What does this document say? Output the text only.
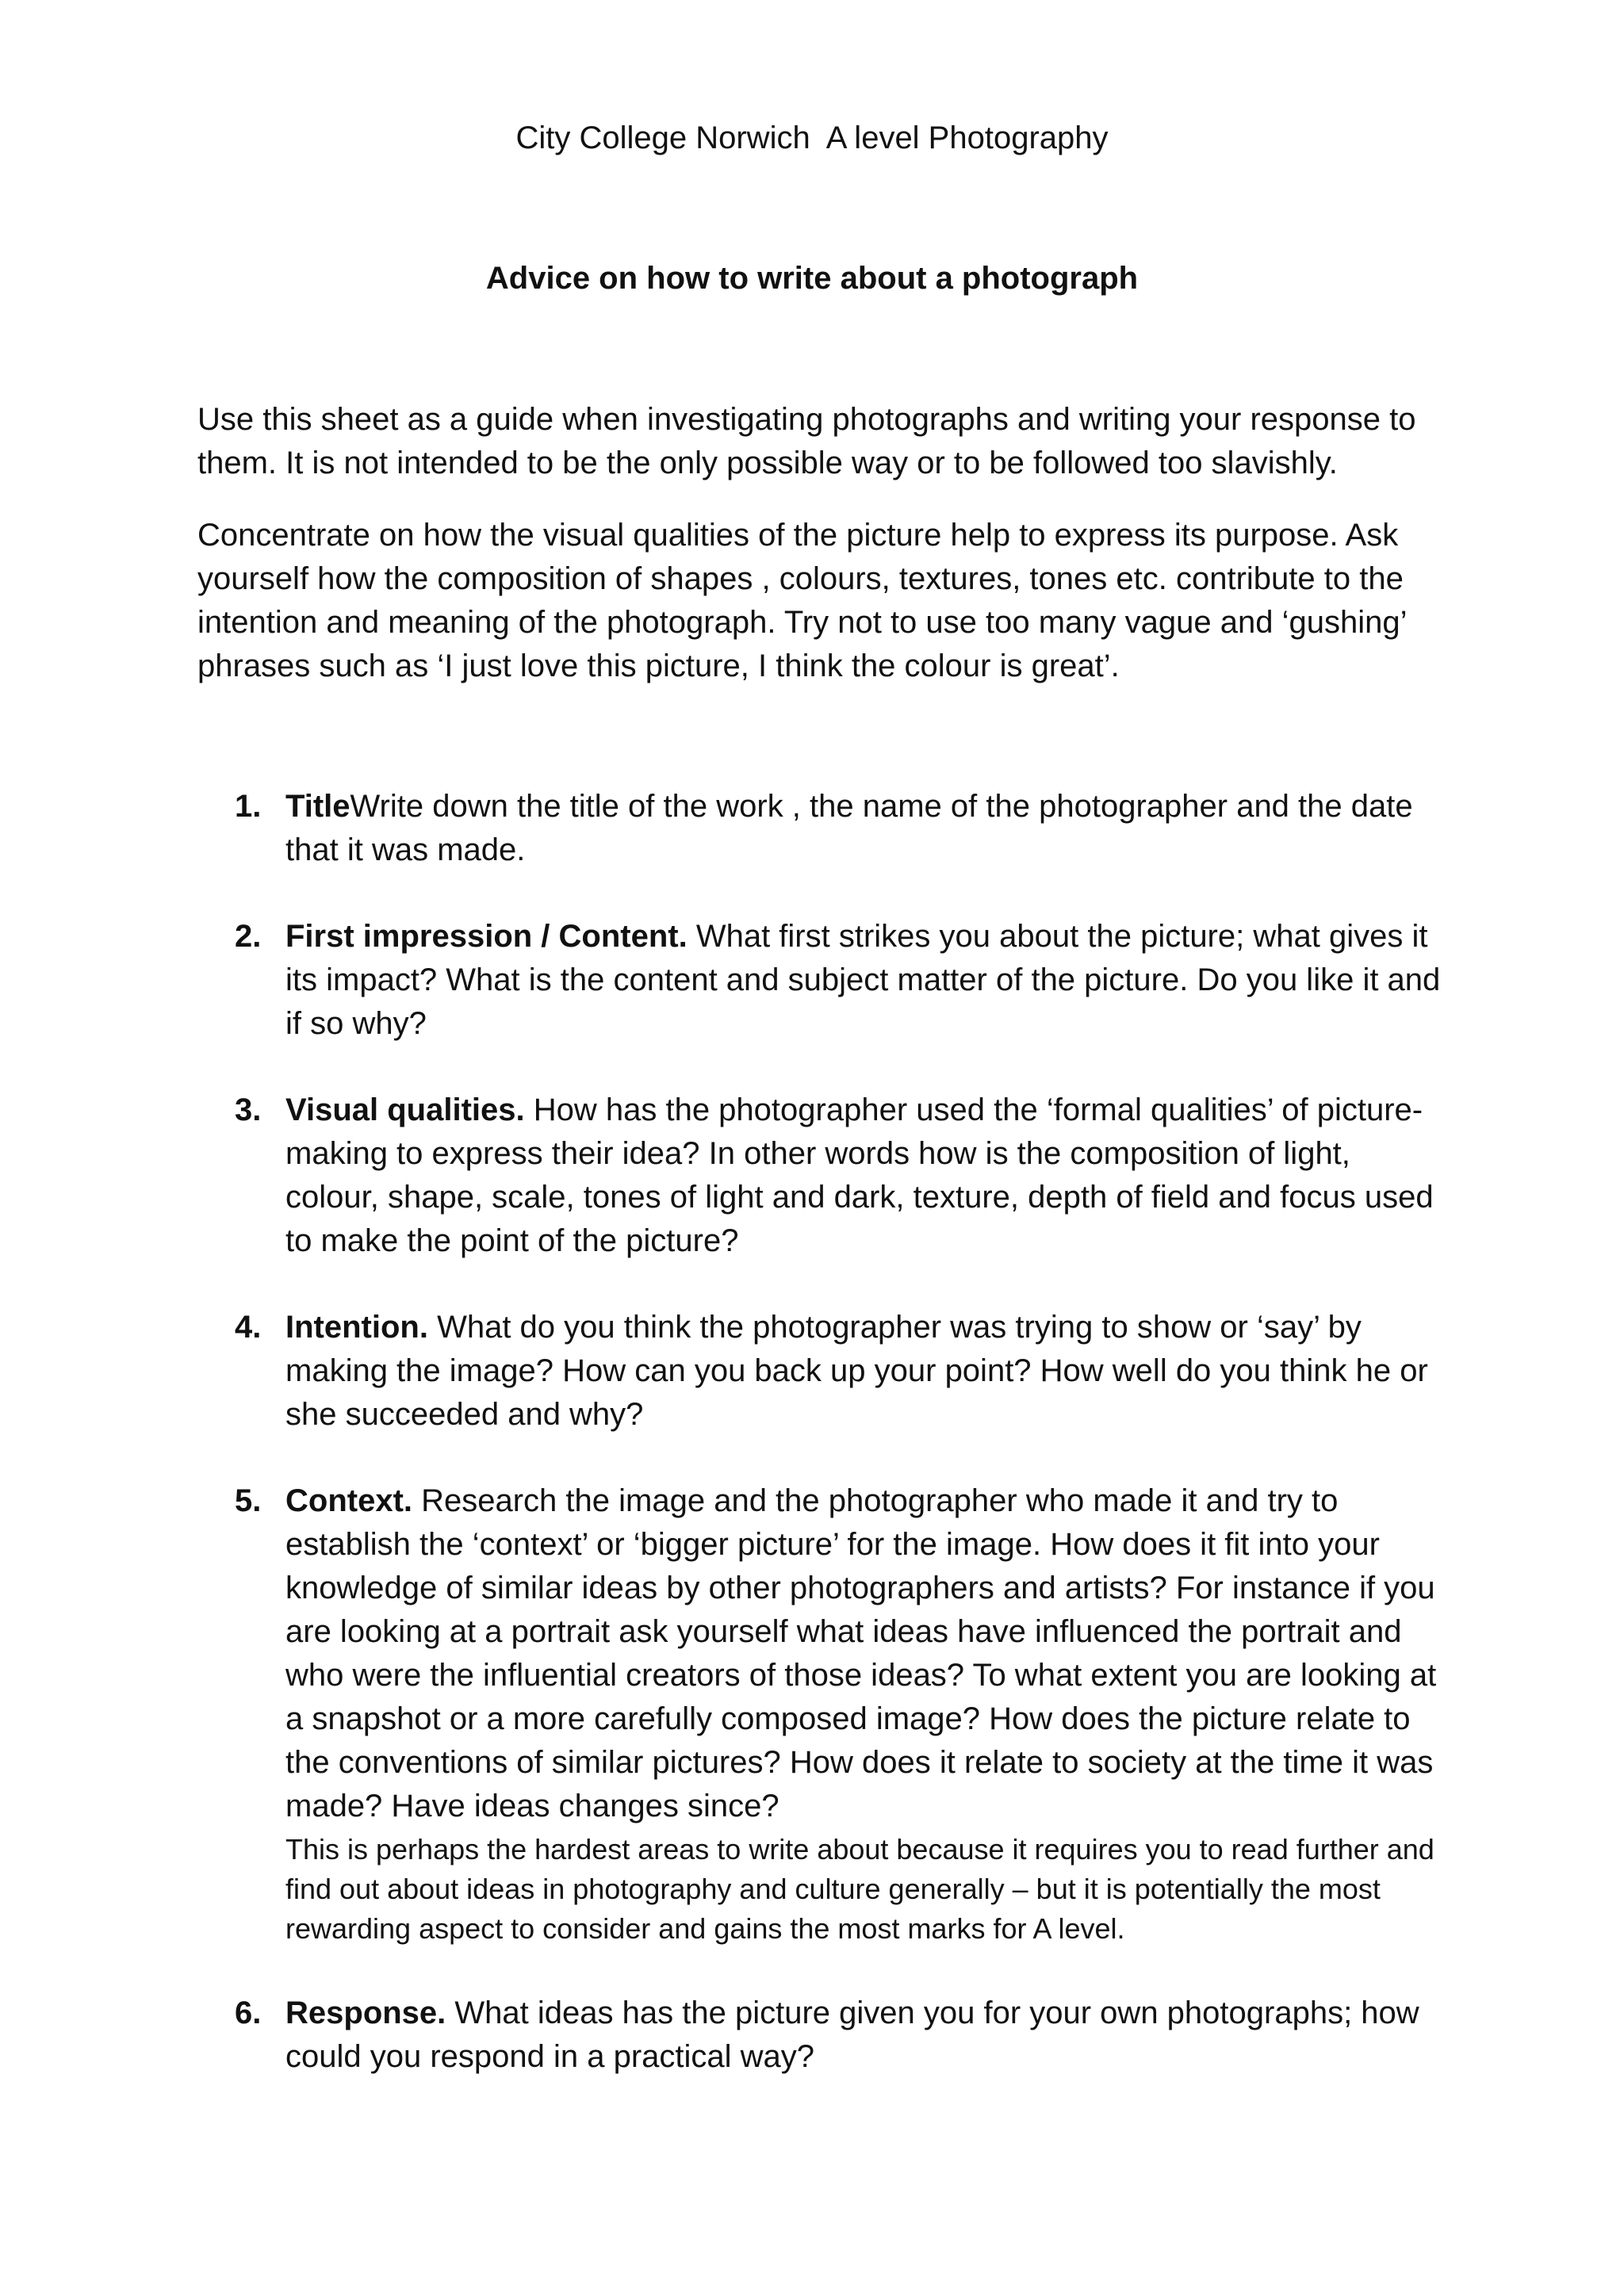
City College Norwich  A level Photography
Advice on how to write about a photograph

Use this sheet as a guide when investigating photographs and writing your response to them. It is not intended to be the only possible way or to be followed too slavishly.

Concentrate on how the visual qualities of the picture help to express its purpose. Ask yourself how the composition of shapes , colours, textures, tones etc. contribute to the intention and meaning of the photograph. Try not to use too many vague and ‘gushing’ phrases such as ‘I just love this picture, I think the colour is great’.

1. TitleWrite down the title of the work , the name of the photographer and the date that it was made.
2. First impression / Content. What first strikes you about the picture; what gives it its impact? What is the content and subject matter of the picture. Do you like it and if so why?
3. Visual qualities. How has the photographer used the ‘formal qualities’ of picture- making to express their idea? In other words how is the composition of light, colour, shape, scale, tones of light and dark, texture, depth of field and focus used to make the point of the picture?
4. Intention. What do you think the photographer was trying to show or ‘say’ by making the image? How can you back up your point? How well do you think he or she succeeded and why?
5. Context. Research the image and the photographer who made it and try to establish the ‘context’ or ‘bigger picture’ for the image. How does it fit into your knowledge of similar ideas by other photographers and artists? For instance if you are looking at a portrait ask yourself what ideas have influenced the portrait and who were the influential creators of those ideas? To what extent you are looking at a snapshot or a more carefully composed image? How does the picture relate to the conventions of similar pictures? How does it relate to society at the time it was made? Have ideas changes since?
This is perhaps the hardest areas to write about because it requires you to read further and find out about ideas in photography and culture generally – but it is potentially the most rewarding aspect to consider and gains the most marks for A level.
6. Response. What ideas has the picture given you for your own photographs; how could you respond in a practical way?
